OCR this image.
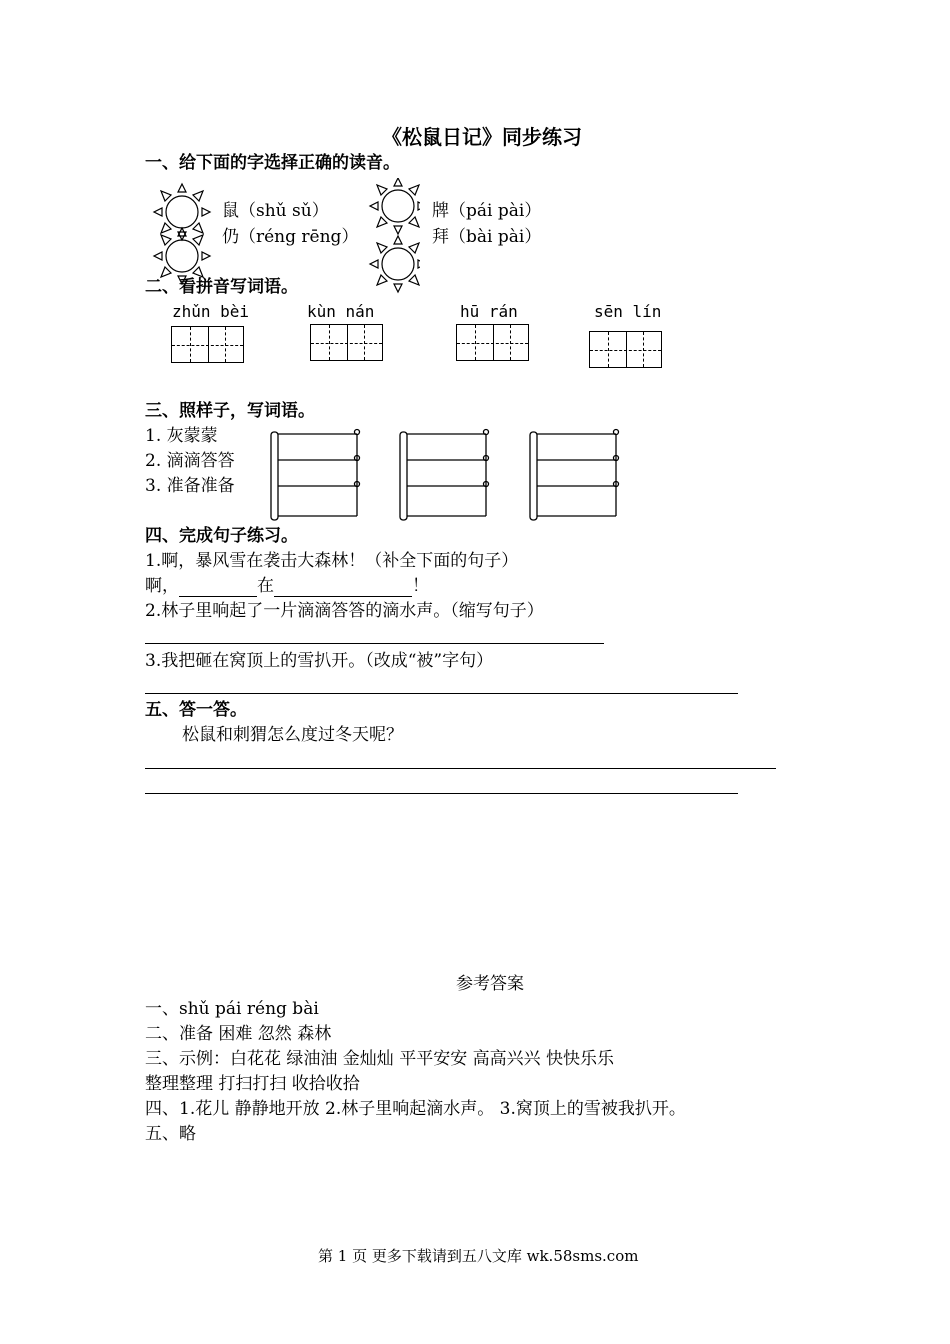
《松鼠日记》同步练习
一、给下面的字选择正确的读音。
鼠（shǔ sǔ）
仍（réng rēng）
牌（pái pài）
拜（bài pài）
二、看拼音写词语。
zhǔn bèi	kùn nán	hū rán	sēn lín
三、照样子，写词语。
1. 灰蒙蒙
2. 滴滴答答
3. 准备准备
四、完成句子练习。
1.啊，暴风雪在袭击大森林！（补全下面的句子）
啊，	在	！
2.林子里响起了一片滴滴答答的滴水声。（缩写句子）
3.我把砸在窝顶上的雪扒开。（改成“被”字句）
五、答一答。
松鼠和刺猬怎么度过冬天呢？
参考答案
一、shǔ pái réng bài
二、准备 困难 忽然 森林
三、示例：白花花 绿油油 金灿灿 平平安安 高高兴兴 快快乐乐
整理整理 打扫打扫 收拾收拾
四、1.花儿 静静地开放 2.林子里响起滴水声。 3.窝顶上的雪被我扒开。
五、略
第 1 页 更多下载请到五八文库 wk.58sms.com
